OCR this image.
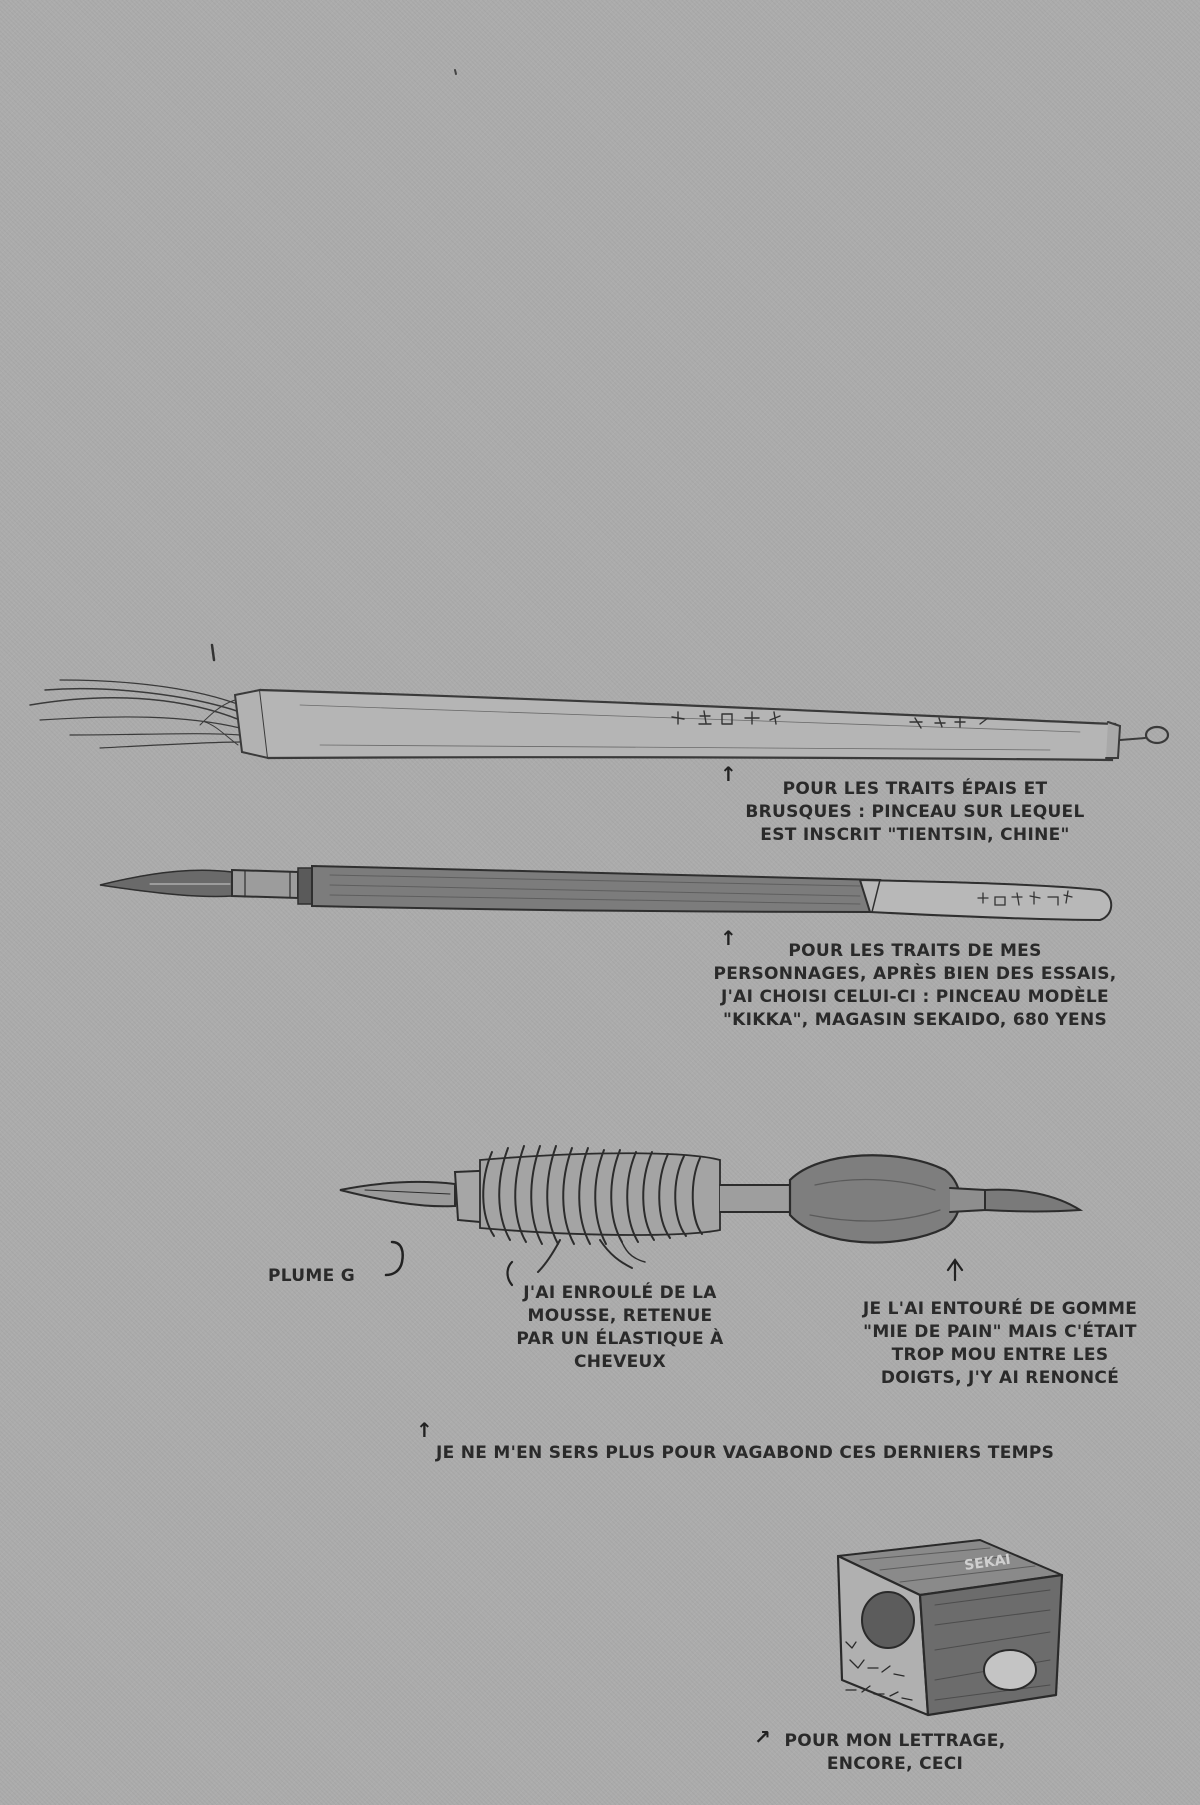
SEKAI
↑
POUR LES TRAITS ÉPAIS ET
BRUSQUES : PINCEAU SUR LEQUEL
EST INSCRIT "TIENTSIN, CHINE"
↑
POUR LES TRAITS DE MES
PERSONNAGES, APRÈS BIEN DES ESSAIS,
J'AI CHOISI CELUI-CI : PINCEAU MODÈLE
"KIKKA", MAGASIN SEKAIDO, 680 YENS
PLUME G
J'AI ENROULÉ DE LA
MOUSSE, RETENUE
PAR UN ÉLASTIQUE À
CHEVEUX
JE L'AI ENTOURÉ DE GOMME
"MIE DE PAIN" MAIS C'ÉTAIT
TROP MOU ENTRE LES
DOIGTS, J'Y AI RENONCÉ
↑
JE NE M'EN SERS PLUS POUR VAGABOND CES DERNIERS TEMPS
↗ POUR MON LETTRAGE,
ENCORE, CECI
